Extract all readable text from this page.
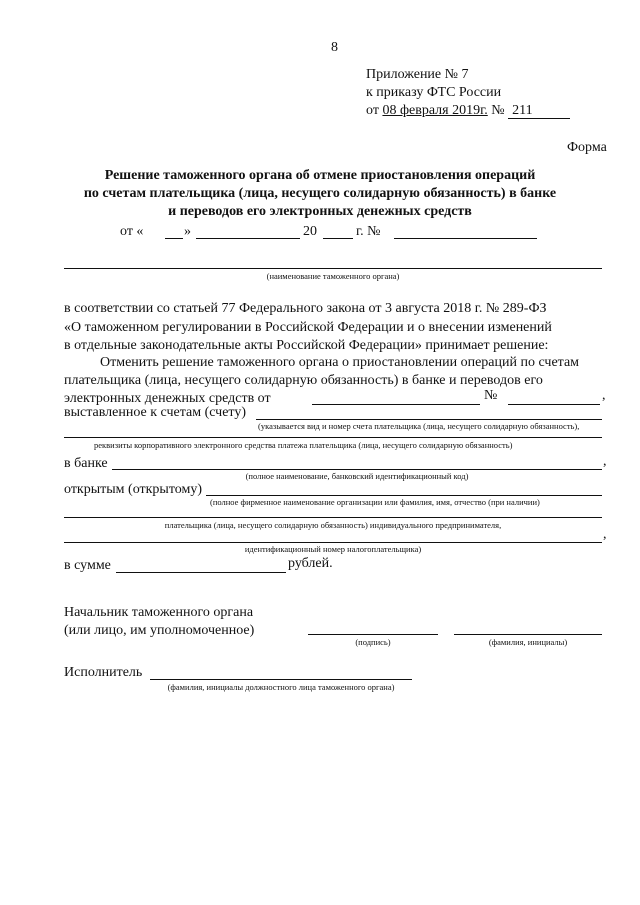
8
Приложение № 7
к приказу ФТС России
от 08 февраля 2019г. № 211
Форма
Решение таможенного органа об отмене приостановления операций
по счетам плательщика (лица, несущего солидарную обязанность) в банке
и переводов его электронных денежных средств
от «	»	20	г. №
(наименование таможенного органа)
в соответствии со статьей 77 Федерального закона от 3 августа 2018 г. № 289-ФЗ
«О таможенном регулировании в Российской Федерации и о внесении изменений
в отдельные законодательные акты Российской Федерации» принимает решение:
Отменить решение таможенного органа о приостановлении операций по счетам
плательщика (лица, несущего солидарную обязанность) в банке и переводов его
электронных денежных средств от	№	,
выставленное к счетам (счету)
(указывается вид и номер счета плательщика (лица, несущего солидарную обязанность),
реквизиты корпоративного электронного средства платежа плательщика (лица, несущего солидарную обязанность)
в банке	,
(полное наименование, банковский идентификационный код)
открытым (открытому)
(полное фирменное наименование организации или фамилия, имя, отчество (при наличии)
плательщика (лица, несущего солидарную обязанность) индивидуального предпринимателя,
,
идентификационный номер налогоплательщика)
в сумме	рублей.
Начальник таможенного органа
(или лицо, им уполномоченное)
(подпись)	(фамилия, инициалы)
Исполнитель
(фамилия, инициалы должностного лица таможенного органа)
